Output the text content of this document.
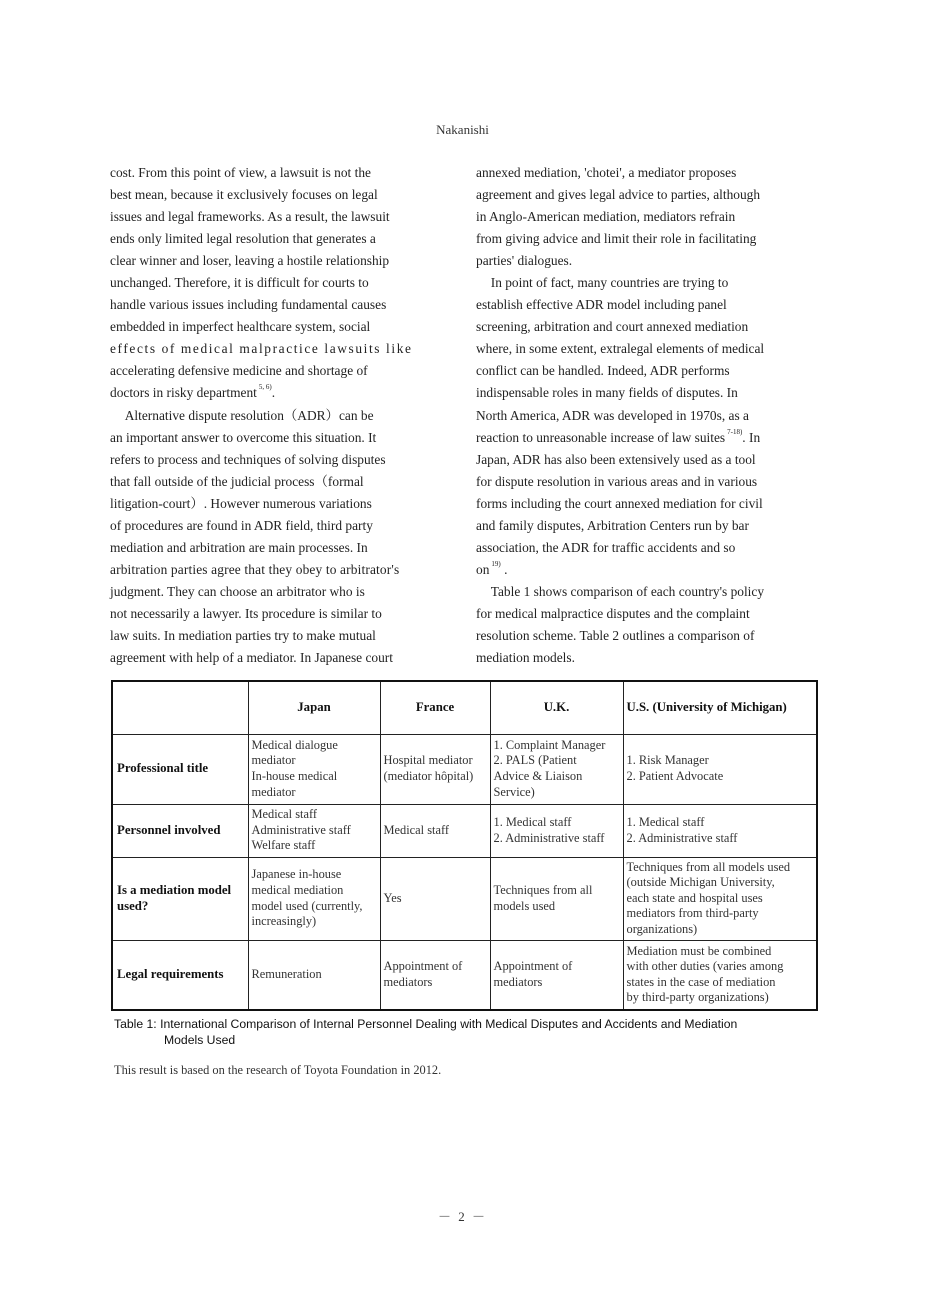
Nakanishi

cost. From this point of view, a lawsuit is not the
best mean, because it exclusively focuses on legal
issues and legal frameworks. As a result, the lawsuit
ends only limited legal resolution that generates a
clear winner and loser, leaving a hostile relationship
unchanged. Therefore, it is difficult for courts to
handle various issues including fundamental causes
embedded in imperfect healthcare system, social
effects of medical malpractice lawsuits like
accelerating defensive medicine and shortage of
doctors in risky department $^{5, 6)}$.

Alternative dispute resolution（ADR）can be
an important answer to overcome this situation. It
refers to process and techniques of solving disputes
that fall outside of the judicial process（formal
litigation-court）. However numerous variations
of procedures are found in ADR field, third party
mediation and arbitration are main processes. In
arbitration parties agree that they obey to arbitrator's
judgment. They can choose an arbitrator who is
not necessarily a lawyer. Its procedure is similar to
law suits. In mediation parties try to make mutual
agreement with help of a mediator. In Japanese court

annexed mediation, 'chotei', a mediator proposes
agreement and gives legal advice to parties, although
in Anglo-American mediation, mediators refrain
from giving advice and limit their role in facilitating
parties' dialogues.

In point of fact, many countries are trying to
establish effective ADR model including panel
screening, arbitration and court annexed mediation
where, in some extent, extralegal elements of medical
conflict can be handled. Indeed, ADR performs
indispensable roles in many fields of disputes. In
North America, ADR was developed in 1970s, as a
reaction to unreasonable increase of law suites $^{7-18)}$. In
Japan, ADR has also been extensively used as a tool
for dispute resolution in various areas and in various
forms including the court annexed mediation for civil
and family disputes, Arbitration Centers run by bar
association, the ADR for traffic accidents and so
on $^{19)}$ .

Table 1 shows comparison of each country's policy
for medical malpractice disputes and the complaint
resolution scheme. Table 2 outlines a comparison of
mediation models.

	Japan	France	U.K.	U.S. (University of Michigan)
Professional title	Medical dialogue
mediator
In-house medical
mediator	Hospital mediator
(mediator hôpital)	1. Complaint Manager
2. PALS (Patient
Advice & Liaison
Service)	1. Risk Manager
2. Patient Advocate
Personnel involved	Medical staff
Administrative staff
Welfare staff	Medical staff	1. Medical staff
2. Administrative staff	1. Medical staff
2. Administrative staff
Is a mediation model
used?	Japanese in-house
medical mediation
model used (currently,
increasingly)	Yes	Techniques from all
models used	Techniques from all models used
(outside Michigan University,
each state and hospital uses
mediators from third-party
organizations)
Legal requirements	Remuneration	Appointment of
mediators	Appointment of
mediators	Mediation must be combined
with other duties (varies among
states in the case of mediation
by third-party organizations)
Table 1: International Comparison of Internal Personnel Dealing with Medical Disputes and Accidents and Mediation
Models Used
This result is based on the research of Toyota Foundation in 2012.
－ 2 －
